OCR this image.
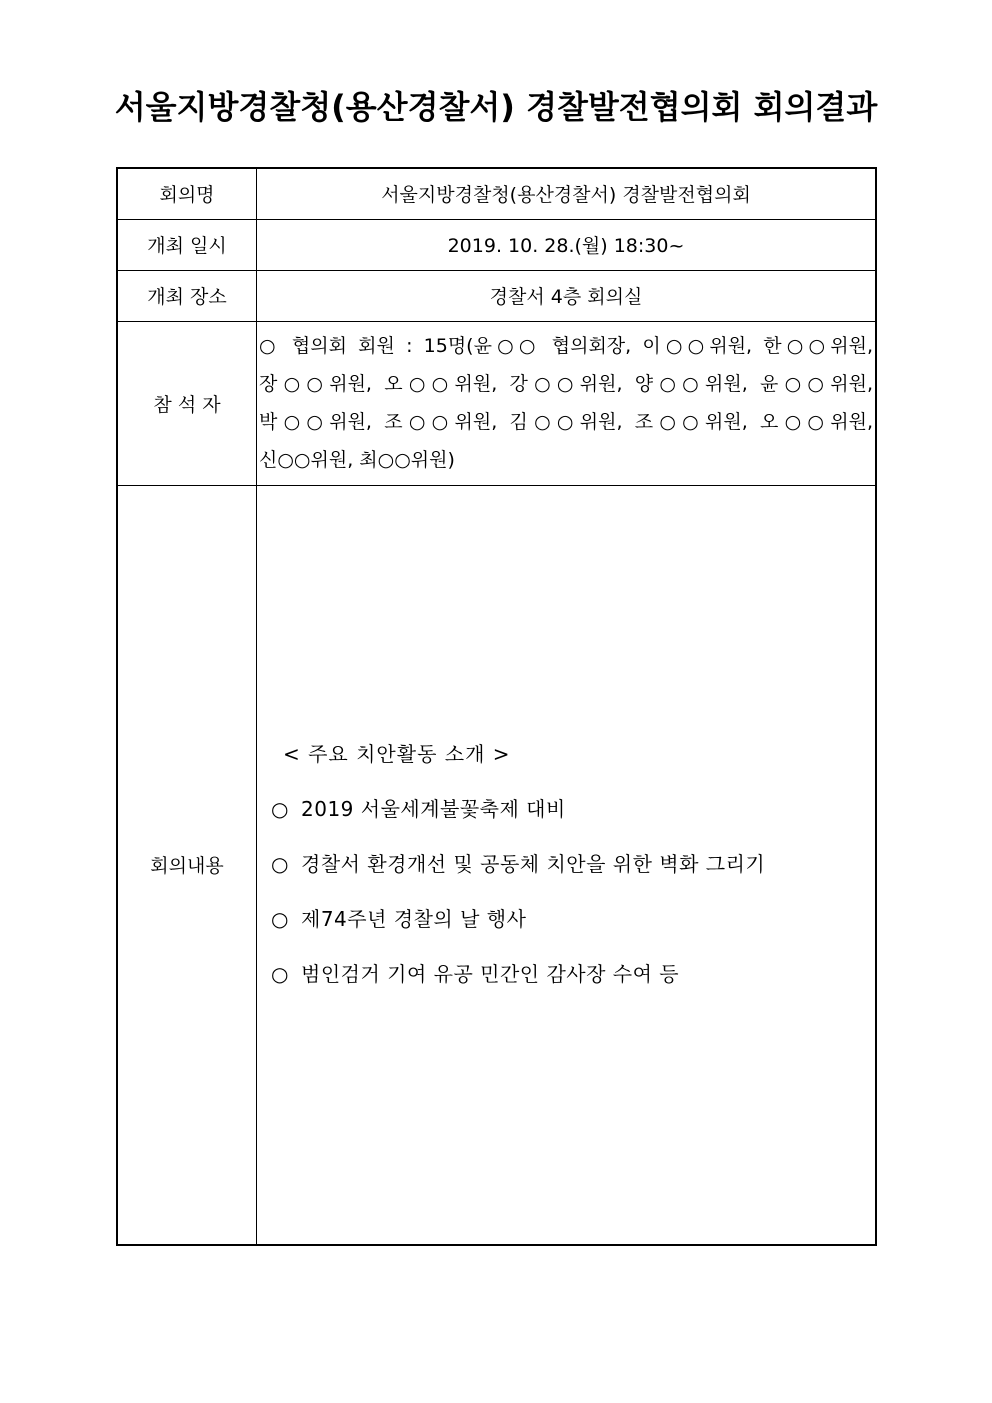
서울지방경찰청(용산경찰서) 경찰발전협의회 회의결과
회의명	서울지방경찰청(용산경찰서) 경찰발전협의회
개최 일시	2019. 10. 28.(월) 18:30~
개최 장소	경찰서 4층 회의실
참 석 자	○ 협의회 회원 : 15명(윤○○ 협의회장, 이○○위원, 한○○위원,
장○○위원, 오○○위원, 강○○위원, 양○○위원, 윤○○위원,
박○○위원, 조○○위원, 김○○위원, 조○○위원, 오○○위원,
신○○위원, 최○○위원)

회의내용	< 주요 치안활동 소개 >
○ 2019 서울세계불꽃축제 대비
○ 경찰서 환경개선 및 공동체 치안을 위한 벽화 그리기
○ 제74주년 경찰의 날 행사
○ 범인검거 기여 유공 민간인 감사장 수여 등
